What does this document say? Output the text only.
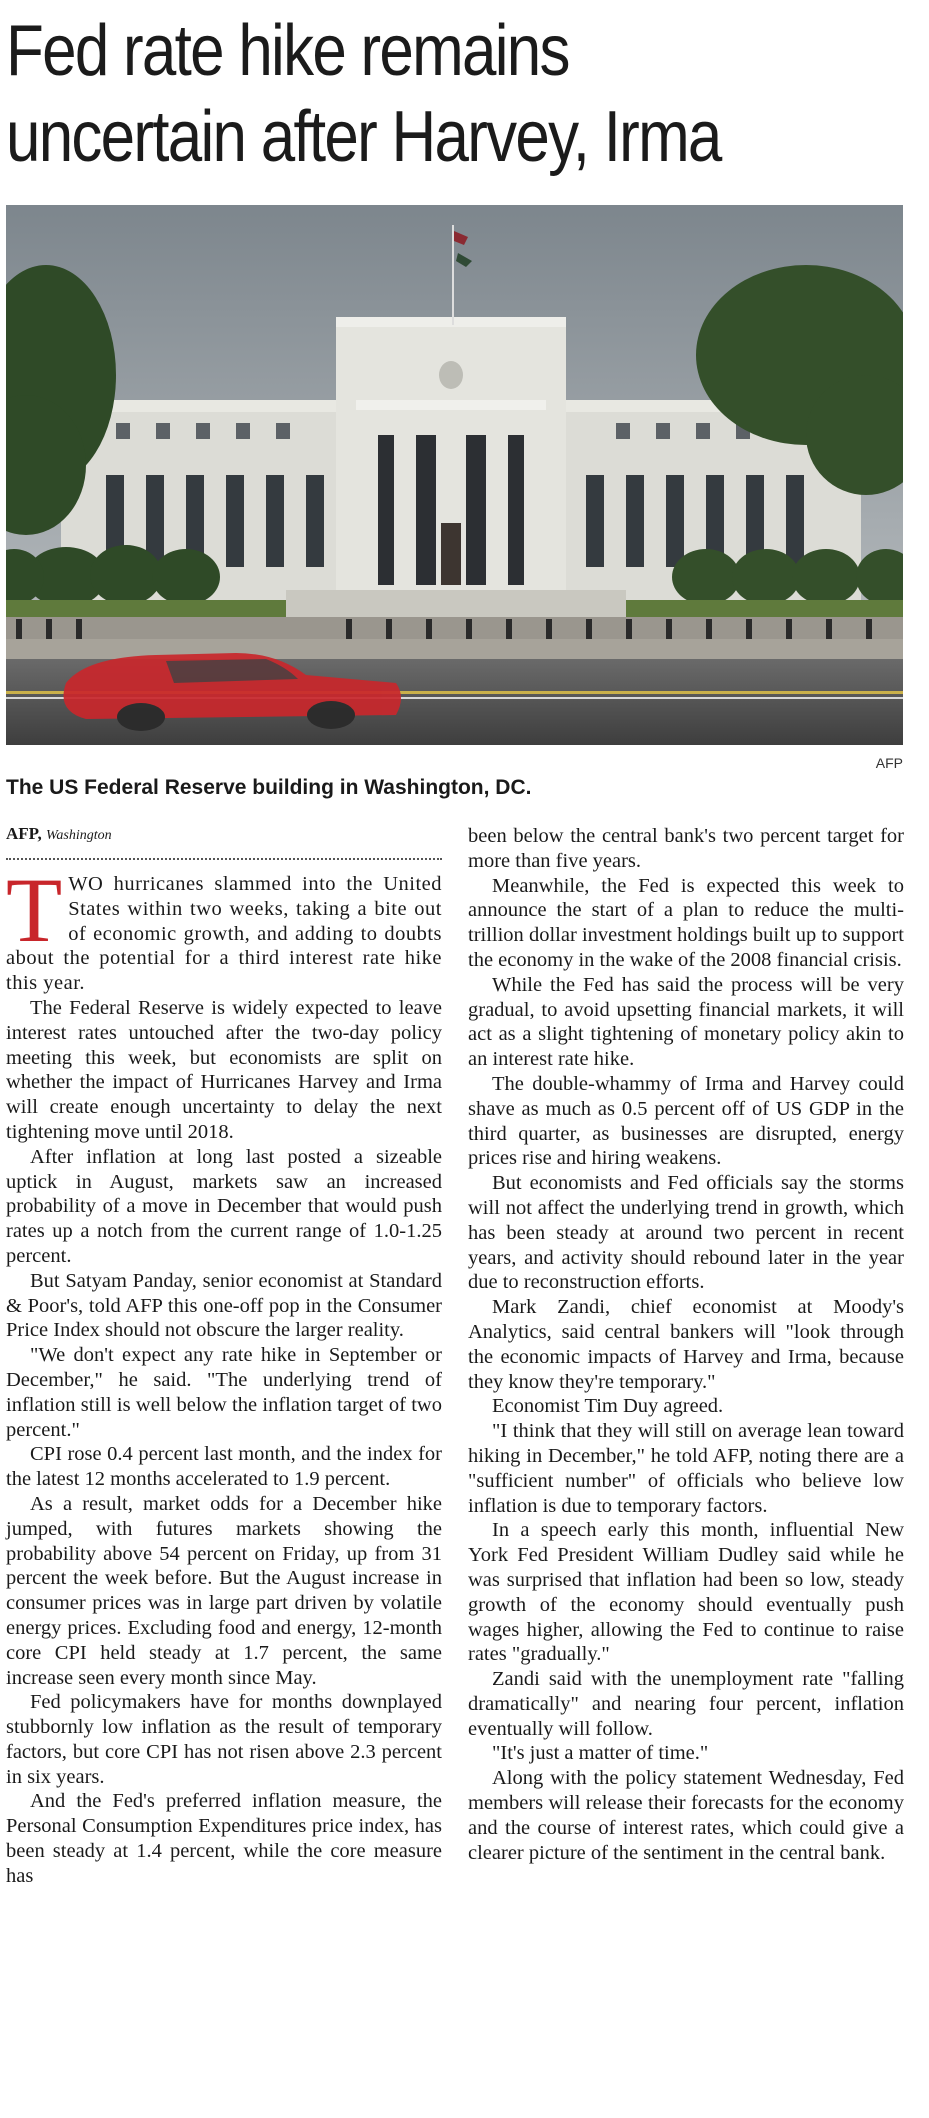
Fed rate hike remains uncertain after Harvey, Irma
AFP

The US Federal Reserve building in Washington, DC.

AFP, Washington

TWO hurricanes slammed into the United States within two weeks, taking a bite out of economic growth, and adding to doubts about the potential for a third interest rate hike this year.

The Federal Reserve is widely expected to leave interest rates untouched after the two-day policy meeting this week, but economists are split on whether the impact of Hurricanes Harvey and Irma will create enough uncertainty to delay the next tightening move until 2018.

After inflation at long last posted a sizeable uptick in August, markets saw an increased probability of a move in December that would push rates up a notch from the current range of 1.0-1.25 percent.

But Satyam Panday, senior economist at Standard & Poor's, told AFP this one-off pop in the Consumer Price Index should not obscure the larger reality.

"We don't expect any rate hike in September or December," he said. "The underlying trend of inflation still is well below the inflation target of two percent."

CPI rose 0.4 percent last month, and the index for the latest 12 months accelerated to 1.9 percent.

As a result, market odds for a December hike jumped, with futures markets showing the probability above 54 percent on Friday, up from 31 percent the week before. But the August increase in consumer prices was in large part driven by volatile energy prices. Excluding food and energy, 12-month core CPI held steady at 1.7 percent, the same increase seen every month since May.

Fed policymakers have for months downplayed stubbornly low inflation as the result of temporary factors, but core CPI has not risen above 2.3 percent in six years.

And the Fed's preferred inflation measure, the Personal Consumption Expenditures price index, has been steady at 1.4 percent, while the core measure has

been below the central bank's two percent target for more than five years.

Meanwhile, the Fed is expected this week to announce the start of a plan to reduce the multi-trillion dollar investment holdings built up to support the economy in the wake of the 2008 financial crisis.

While the Fed has said the process will be very gradual, to avoid upsetting financial markets, it will act as a slight tightening of monetary policy akin to an interest rate hike.

The double-whammy of Irma and Harvey could shave as much as 0.5 percent off of US GDP in the third quarter, as businesses are disrupted, energy prices rise and hiring weakens.

But economists and Fed officials say the storms will not affect the underlying trend in growth, which has been steady at around two percent in recent years, and activity should rebound later in the year due to reconstruction efforts.

Mark Zandi, chief economist at Moody's Analytics, said central bankers will "look through the economic impacts of Harvey and Irma, because they know they're temporary."

Economist Tim Duy agreed.

"I think that they will still on average lean toward hiking in December," he told AFP, noting there are a "sufficient number" of officials who believe low inflation is due to temporary factors.

In a speech early this month, influential New York Fed President William Dudley said while he was surprised that inflation had been so low, steady growth of the economy should eventually push wages higher, allowing the Fed to continue to raise rates "gradually."

Zandi said with the unemployment rate "falling dramatically" and nearing four percent, inflation eventually will follow.

"It's just a matter of time."

Along with the policy statement Wednesday, Fed members will release their forecasts for the economy and the course of interest rates, which could give a clearer picture of the sentiment in the central bank.
